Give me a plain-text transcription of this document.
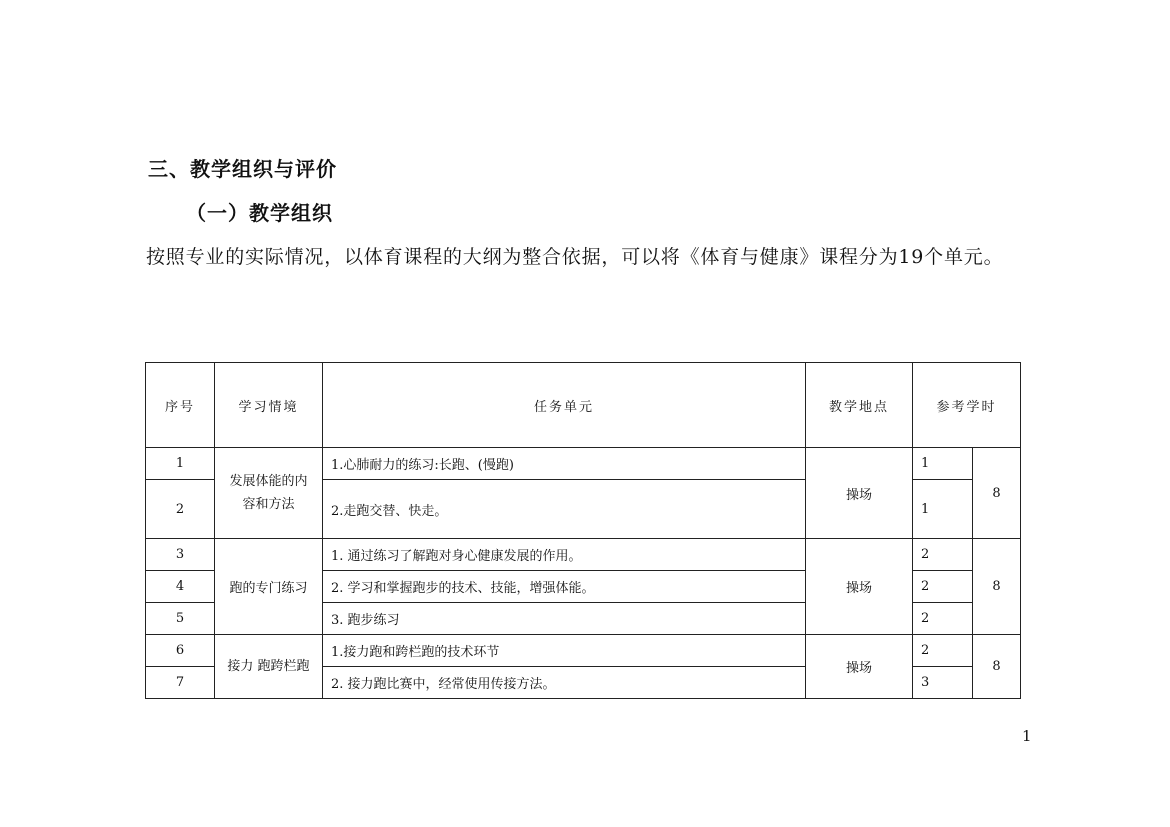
三、教学组织与评价
（一）教学组织
按照专业的实际情况，以体育课程的大纲为整合依据，可以将《体育与健康》课程分为19个单元。
序号	学习情境	任务单元	教学地点	参考学时	
1	发展体能的内容和方法	1.心肺耐力的练习:长跑、(慢跑)	操场	1	8
2		2.走跑交替、快走。		1	
3	跑的专门练习	1. 通过练习了解跑对身心健康发展的作用。	操场	2	8
4		2. 学习和掌握跑步的技术、技能，增强体能。		2	
5		3. 跑步练习		2	
6	接力 跑跨栏跑	1.接力跑和跨栏跑的技术环节	操场	2	8
7		2. 接力跑比赛中，经常使用传接方法。		3	
1
